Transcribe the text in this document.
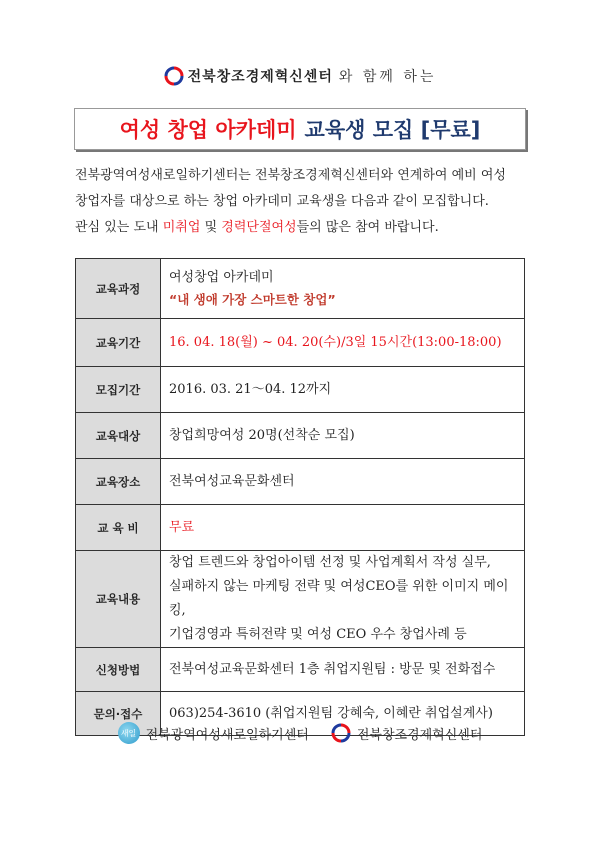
전북창조경제혁신센터 와 함께 하는
여성 창업 아카데미 교육생 모집 [무료]

전북광역여성새로일하기센터는 전북창조경제혁신센터와 연계하여 예비 여성

창업자를 대상으로 하는 창업 아카데미 교육생을 다음과 같이 모집합니다.

관심 있는 도내 미취업 및 경력단절여성들의 많은 참여 바랍니다.

교육과정	여성창업 아카데미
“내 생애 가장 스마트한 창업”

교육기간	16. 04. 18(월) ~ 04. 20(수)/3일 15시간(13:00-18:00)
모집기간	2016. 03. 21～04. 12까지
교육대상	창업희망여성 20명(선착순 모집)
교육장소	전북여성교육문화센터
교 육 비	무료
교육내용	창업 트렌드와 창업아이템 선정 및 사업계획서 작성 실무,
실패하지 않는 마케팅 전략 및 여성CEO를 위한 이미지 메이킹,
기업경영과 특허전략 및 여성 CEO 우수 창업사례 등

신청방법	전북여성교육문화센터 1층 취업지원팀 : 방문 및 전화접수
문의·접수	063)254-3610 (취업지원팀 강혜숙, 이혜란 취업설계사)
새일 전북광역여성새로일하기센터	전북창조경제혁신센터
